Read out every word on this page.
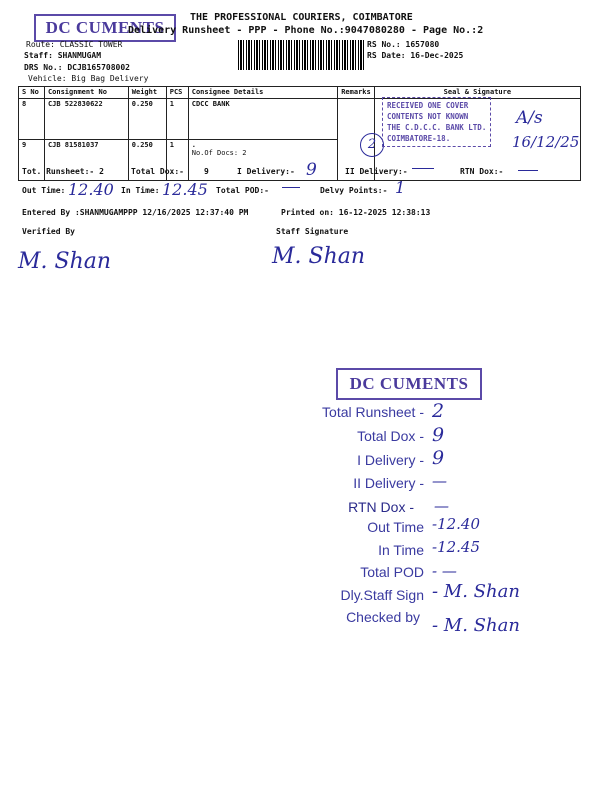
DC CUMENTS
THE PROFESSIONAL COURIERS, COIMBATORE
Delivery Runsheet - PPP - Phone No.:9047080280 - Page No.:2
Route: CLASSIC TOWER
Staff: SHANMUGAM
DRS No.: DCJB165708002
Vehicle: Big Bag Delivery
RS No.: 1657080
RS Date: 16-Dec-2025
S No	Consignment No	Weight	PCS	Consignee Details	Remarks	Seal & Signature
8	CJB 522830622	0.250	1	CDCC BANK		
9	CJB 81581037	0.250	1	.
No.Of Docs: 2		
2
RECEIVED ONE COVER
CONTENTS NOT KNOWN
THE C.D.C.C. BANK LTD.
COIMBATORE-18.
A/s
16/12/25
Tot. Runsheet:- 2	Total Dox:-	9	I Delivery:- 9	II Delivery:-	RTN Dox:-
Out Time: 12.40 In Time: 12.45 Total POD:-	Delvy Points:- 1
Entered By :SHANMUGAMPPP 12/16/2025 12:37:40 PM	Printed on: 16-12-2025 12:38:13
Verified By	Staff Signature
M. Shan	M. Shan
DC CUMENTS
Total Runsheet - 2
Total Dox - 9
I Delivery - 9
II Delivery - —
RTN Dox - —
Out Time -12.40
In Time -12.45
Total POD - —
Dly.Staff Sign - M. Shan
Checked by - M. Shan
